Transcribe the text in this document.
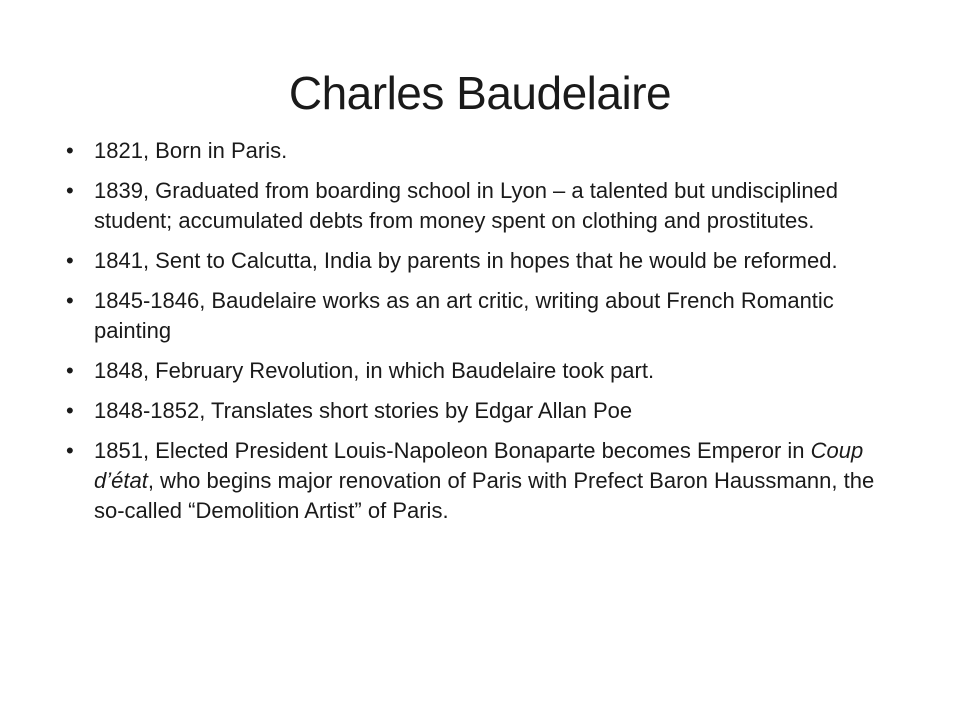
Charles Baudelaire
• 1821, Born in Paris.
• 1839, Graduated from boarding school in Lyon – a talented but undisciplined student; accumulated debts from money spent on clothing and prostitutes.
• 1841, Sent to Calcutta, India by parents in hopes that he would be reformed.
• 1845-1846, Baudelaire works as an art critic, writing about French Romantic painting
• 1848, February Revolution, in which Baudelaire took part.
• 1848-1852, Translates short stories by Edgar Allan Poe
• 1851, Elected President Louis-Napoleon Bonaparte becomes Emperor in Coup d’état, who begins major renovation of Paris with Prefect Baron Haussmann, the so-called “Demolition Artist” of Paris.
